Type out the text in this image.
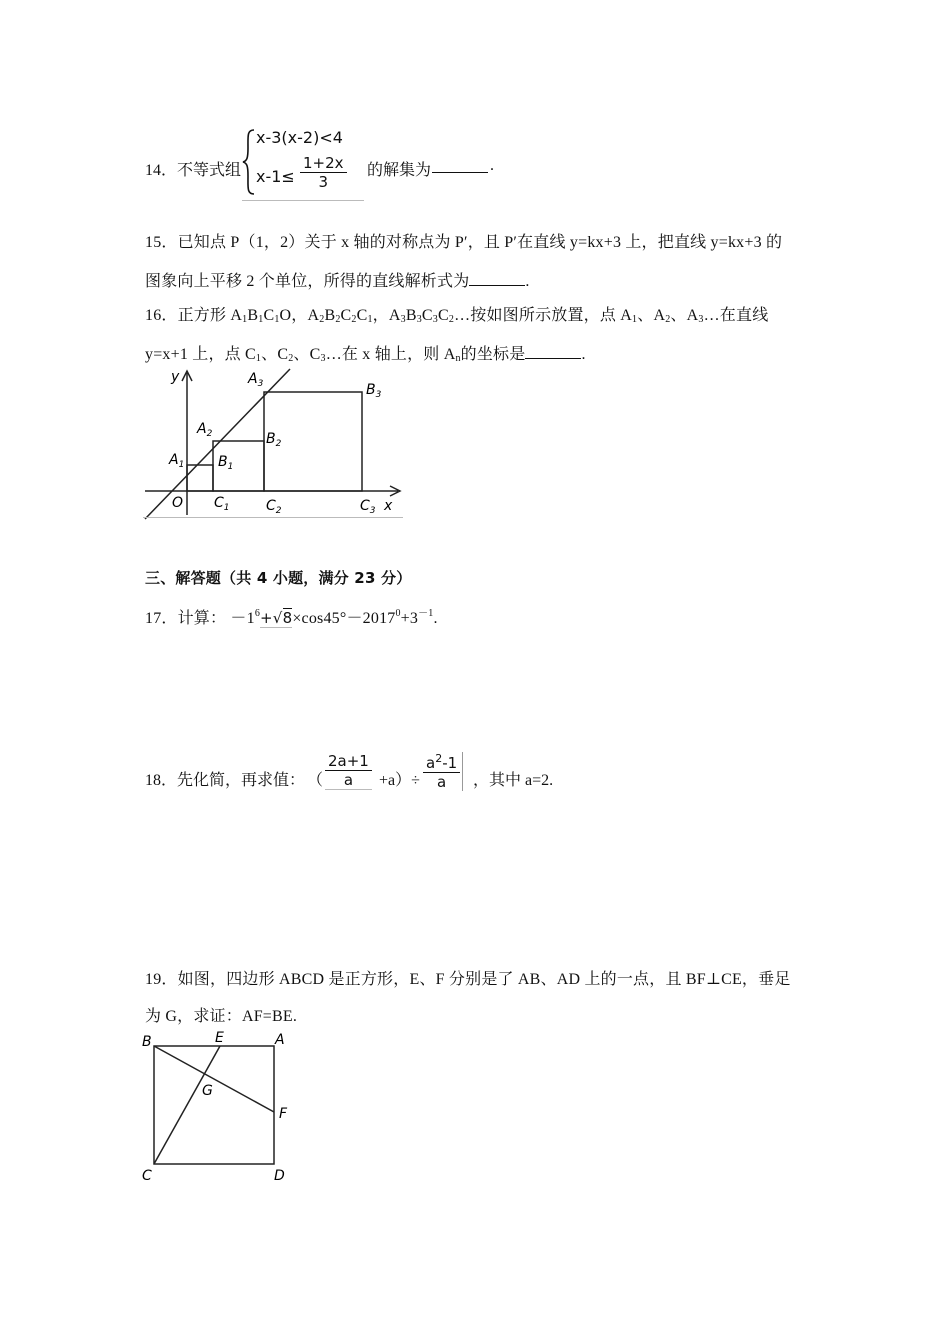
14． 不等式组
x-3(x-2)<4
$x-1\le \frac{1+2x}{3}$ 的解集为	.
15．已知点 P（1，2）关于 x 轴的对称点为 P′，且 P′在直线 y=kx+3 上，把直线 y=kx+3 的
图象向上平移 2 个单位，所得的直线解析式为	.
16．正方形 $A_1B_1C_1O$，$A_2B_2C_2C_1$，$A_3B_3C_3C_2\dots$按如图所示放置，点 $A_1$、$A_2$、$A_3\dots$在直线
y=x+1 上，点 $C_1$、$C_2$、$C_3\dots$在 x 轴上，则 $A_n$的坐标是	.
y
x
O
$A_1$
$A_2$
$A_3$
$B_1$
$B_2$
$B_3$
$C_1$	$C_2$	$C_3$
三、解答题（共 4 小题，满分 23 分）
17．计算： $-1^6+√8\times\cos 45^\circ-2017^0+3^{-1}$.
18．先化简，再求值： （ $\frac{2a+1}{a} +a)\div \frac{a^2-1}{a}$ ，其中 a=2.
19．如图，四边形 ABCD 是正方形，E、F 分别是了 AB、AD 上的一点，且 BF⊥CE，垂足
为 G，求证：AF=BE.
B	E	A
G
F
C	D
